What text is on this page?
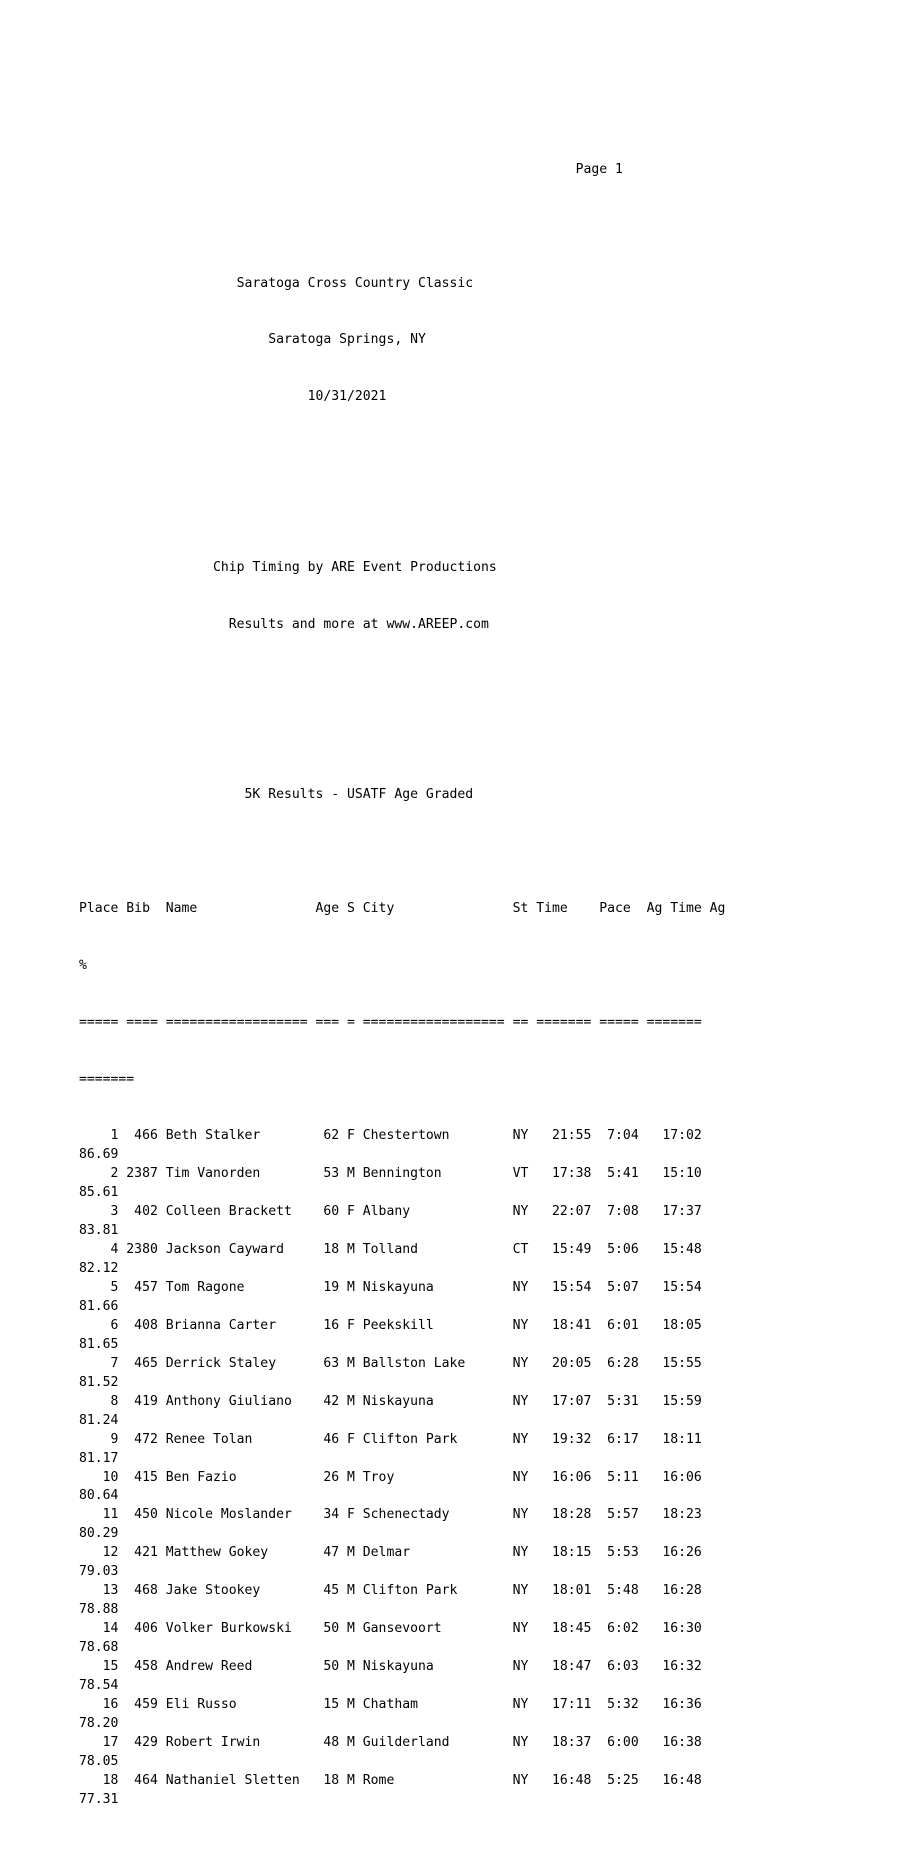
Page 1

Saratoga Cross Country Classic

Saratoga Springs, NY

10/31/2021

Chip Timing by ARE Event Productions

Results and more at www.AREEP.com

5K Results - USATF Age Graded

Place Bib  Name               Age S City               St Time    Pace  Ag Time Ag

%

===== ==== ================== === = ================== == ======= ===== =======

=======

1  466 Beth Stalker        62 F Chestertown        NY   21:55  7:04   17:02
86.69
2 2387 Tim Vanorden        53 M Bennington         VT   17:38  5:41   15:10
85.61
3  402 Colleen Brackett    60 F Albany             NY   22:07  7:08   17:37
83.81
4 2380 Jackson Cayward     18 M Tolland            CT   15:49  5:06   15:48
82.12
5  457 Tom Ragone          19 M Niskayuna          NY   15:54  5:07   15:54
81.66
6  408 Brianna Carter      16 F Peekskill          NY   18:41  6:01   18:05
81.65
7  465 Derrick Staley      63 M Ballston Lake      NY   20:05  6:28   15:55
81.52
8  419 Anthony Giuliano    42 M Niskayuna          NY   17:07  5:31   15:59
81.24
9  472 Renee Tolan         46 F Clifton Park       NY   19:32  6:17   18:11
81.17
10  415 Ben Fazio           26 M Troy               NY   16:06  5:11   16:06
80.64
11  450 Nicole Moslander    34 F Schenectady        NY   18:28  5:57   18:23
80.29
12  421 Matthew Gokey       47 M Delmar             NY   18:15  5:53   16:26
79.03
13  468 Jake Stookey        45 M Clifton Park       NY   18:01  5:48   16:28
78.88
14  406 Volker Burkowski    50 M Gansevoort         NY   18:45  6:02   16:30
78.68
15  458 Andrew Reed         50 M Niskayuna          NY   18:47  6:03   16:32
78.54
16  459 Eli Russo           15 M Chatham            NY   17:11  5:32   16:36
78.20
17  429 Robert Irwin        48 M Guilderland        NY   18:37  6:00   16:38
78.05
18  464 Nathaniel Sletten   18 M Rome               NY   16:48  5:25   16:48
77.31
